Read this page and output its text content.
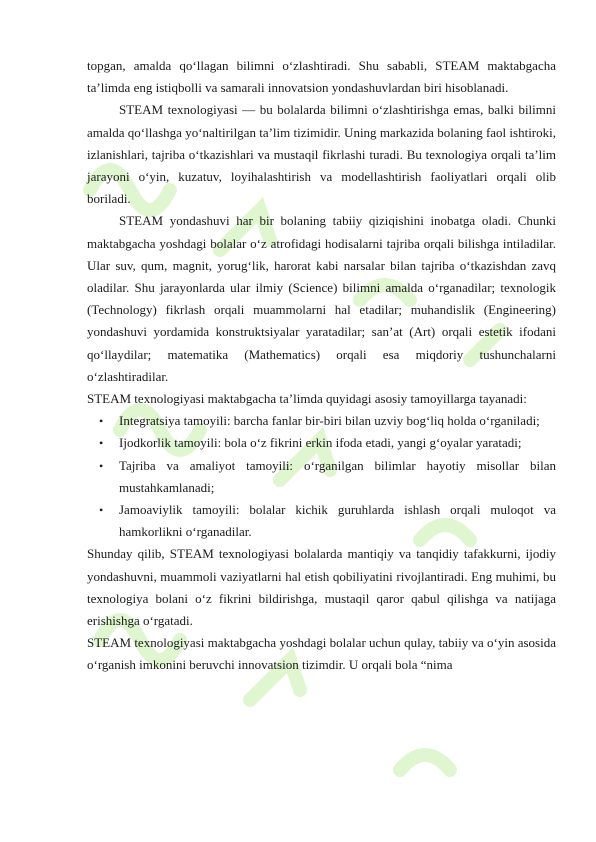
topgan, amalda qo‘llagan bilimni o‘zlashtiradi. Shu sababli, STEAM maktabgacha ta’limda eng istiqbolli va samarali innovatsion yondashuvlardan biri hisoblanadi.

STEAM texnologiyasi — bu bolalarda bilimni o‘zlashtirishga emas, balki bilimni amalda qo‘llashga yo‘naltirilgan ta’lim tizimidir. Uning markazida bolaning faol ishtiroki, izlanishlari, tajriba o‘tkazishlari va mustaqil fikrlashi turadi. Bu texnologiya orqali ta’lim jarayoni o‘yin, kuzatuv, loyihalashtirish va modellashtirish faoliyatlari orqali olib boriladi.

STEAM yondashuvi har bir bolaning tabiiy qiziqishini inobatga oladi. Chunki maktabgacha yoshdagi bolalar o‘z atrofidagi hodisalarni tajriba orqali bilishga intiladilar. Ular suv, qum, magnit, yorug‘lik, harorat kabi narsalar bilan tajriba o‘tkazishdan zavq oladilar. Shu jarayonlarda ular ilmiy (Science) bilimni amalda o‘rganadilar; texnologik (Technology) fikrlash orqali muammolarni hal etadilar; muhandislik (Engineering) yondashuvi yordamida konstruktsiyalar yaratadilar; san’at (Art) orqali estetik ifodani qo‘llaydilar; matematika (Mathematics) orqali esa miqdoriy tushunchalarni o‘zlashtiradilar.

STEAM texnologiyasi maktabgacha ta’limda quyidagi asosiy tamoyillarga tayanadi:

• Integratsiya tamoyili: barcha fanlar bir-biri bilan uzviy bog‘liq holda o‘rganiladi;
• Ijodkorlik tamoyili: bola o‘z fikrini erkin ifoda etadi, yangi g‘oyalar yaratadi;
• Tajriba va amaliyot tamoyili: o‘rganilgan bilimlar hayotiy misollar bilan mustahkamlanadi;
• Jamoaviylik tamoyili: bolalar kichik guruhlarda ishlash orqali muloqot va hamkorlikni o‘rganadilar.

Shunday qilib, STEAM texnologiyasi bolalarda mantiqiy va tanqidiy tafakkurni, ijodiy yondashuvni, muammoli vaziyatlarni hal etish qobiliyatini rivojlantiradi. Eng muhimi, bu texnologiya bolani o‘z fikrini bildirishga, mustaqil qaror qabul qilishga va natijaga erishishga o‘rgatadi.

STEAM texnologiyasi maktabgacha yoshdagi bolalar uchun qulay, tabiiy va o‘yin asosida o‘rganish imkonini beruvchi innovatsion tizimdir. U orqali bola “nima
